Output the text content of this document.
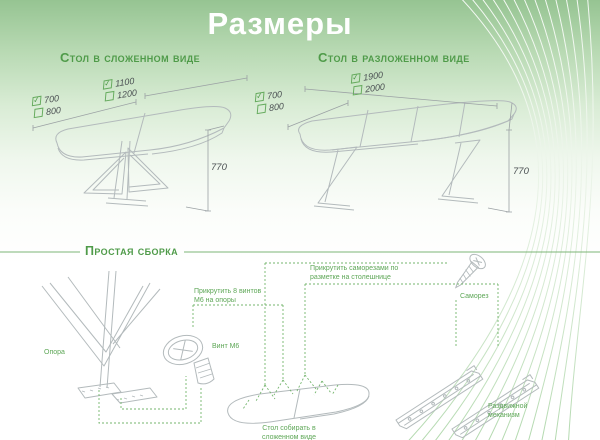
Размеры
Стол в сложенном виде	Стол в разложенном виде
✓ 1100
1200
✓ 700
800
770
✓ 1900
2000
✓ 700
800
770
Простая сборка
Опора
Винт М6
Прикрутить 8 винтов М6 на опоры
Прикрутить саморезами по разметке на столешнице
Саморез
Раздвижной механизм
Стол собирать в сложенном виде
